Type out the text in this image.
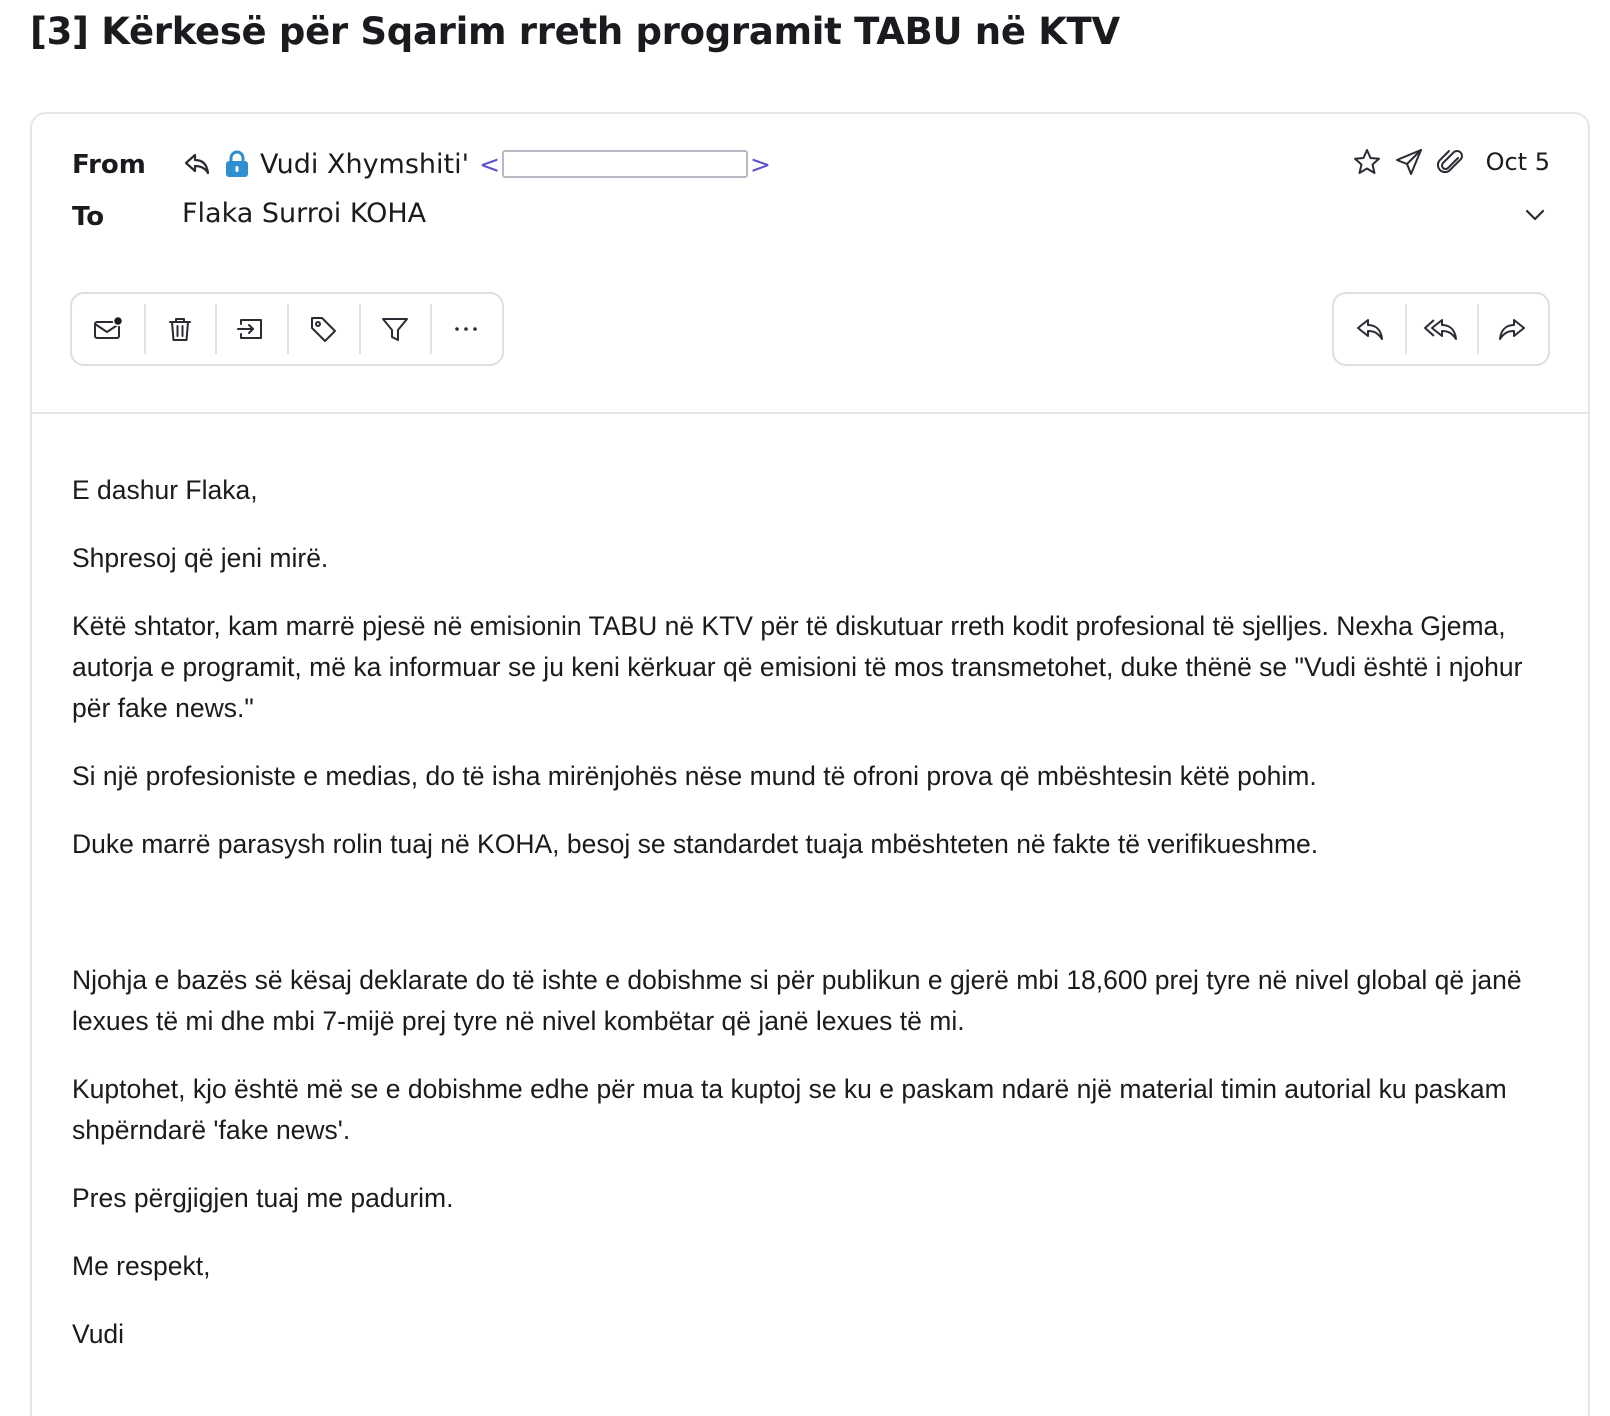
[3] Kërkesë për Sqarim rreth programit TABU në KTV
From	Vudi Xhymshiti' <	>
To	Flaka Surroi KOHA
Oct 5

E dashur Flaka,

Shpresoj që jeni mirë.

Këtë shtator, kam marrë pjesë në emisionin TABU në KTV për të diskutuar rreth kodit profesional të sjelljes. Nexha Gjema, autorja e programit, më ka informuar se ju keni kërkuar që emisioni të mos transmetohet, duke thënë se "Vudi është i njohur për fake news."

Si një profesioniste e medias, do të isha mirënjohës nëse mund të ofroni prova që mbështesin këtë pohim.

Duke marrë parasysh rolin tuaj në KOHA, besoj se standardet tuaja mbështeten në fakte të verifikueshme.

Njohja e bazës së kësaj deklarate do të ishte e dobishme si për publikun e gjerë mbi 18,600 prej tyre në nivel global që janë lexues të mi dhe mbi 7-mijë prej tyre në nivel kombëtar që janë lexues të mi.

Kuptohet, kjo është më se e dobishme edhe për mua ta kuptoj se ku e paskam ndarë një material timin autorial ku paskam shpërndarë 'fake news'.

Pres përgjigjen tuaj me padurim.

Me respekt,

Vudi
